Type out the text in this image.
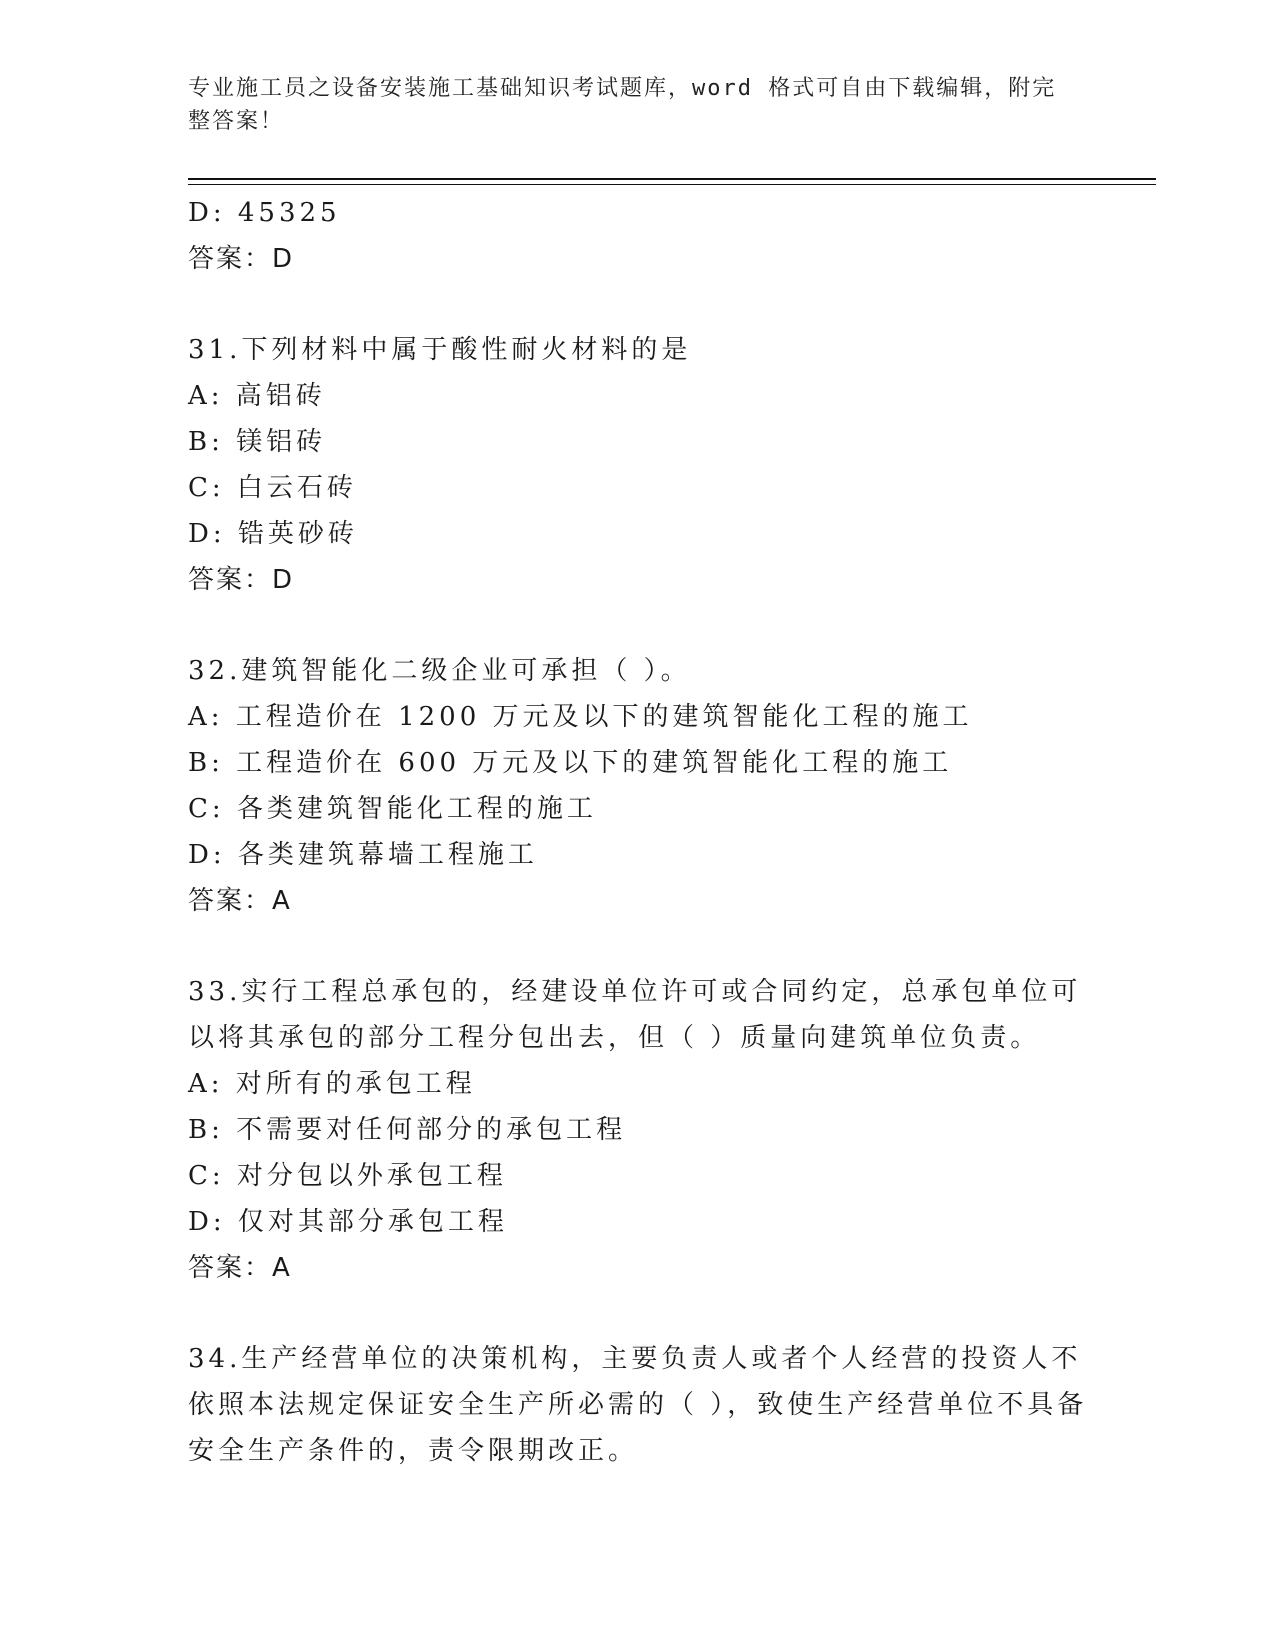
专业施工员之设备安装施工基础知识考试题库，word 格式可自由下载编辑，附完整答案！
D: 45325
答案：D
31.下列材料中属于酸性耐火材料的是
A: 高铝砖
B: 镁铝砖
C: 白云石砖
D: 锆英砂砖
答案：D
32.建筑智能化二级企业可承担（ ）。
A: 工程造价在 1200 万元及以下的建筑智能化工程的施工
B: 工程造价在 600 万元及以下的建筑智能化工程的施工
C: 各类建筑智能化工程的施工
D: 各类建筑幕墙工程施工
答案：A
33.实行工程总承包的，经建设单位许可或合同约定，总承包单位可以将其承包的部分工程分包出去，但（ ）质量向建筑单位负责。
A: 对所有的承包工程
B: 不需要对任何部分的承包工程
C: 对分包以外承包工程
D: 仅对其部分承包工程
答案：A
34.生产经营单位的决策机构，主要负责人或者个人经营的投资人不依照本法规定保证安全生产所必需的（ ），致使生产经营单位不具备安全生产条件的，责令限期改正。
